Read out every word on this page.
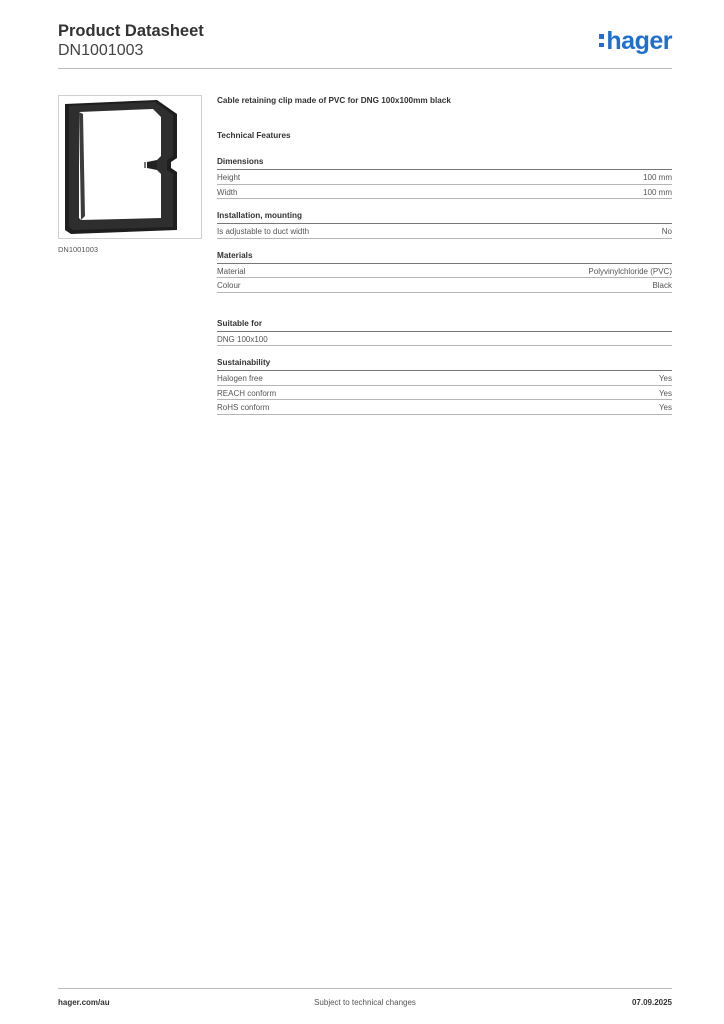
Product Datasheet
DN1001003	hager
DN1001003
Cable retaining clip made of PVC for DNG 100x100mm black
Technical Features
Dimensions
Height	100 mm
Width	100 mm
Installation, mounting
Is adjustable to duct width	No
Materials
Material	Polyvinylchloride (PVC)
Colour	Black
Suitable for
DNG 100x100
Sustainability
Halogen free	Yes
REACH conform	Yes
RoHS conform	Yes
Subject to technical changes
hager.com/au	07.09.2025
